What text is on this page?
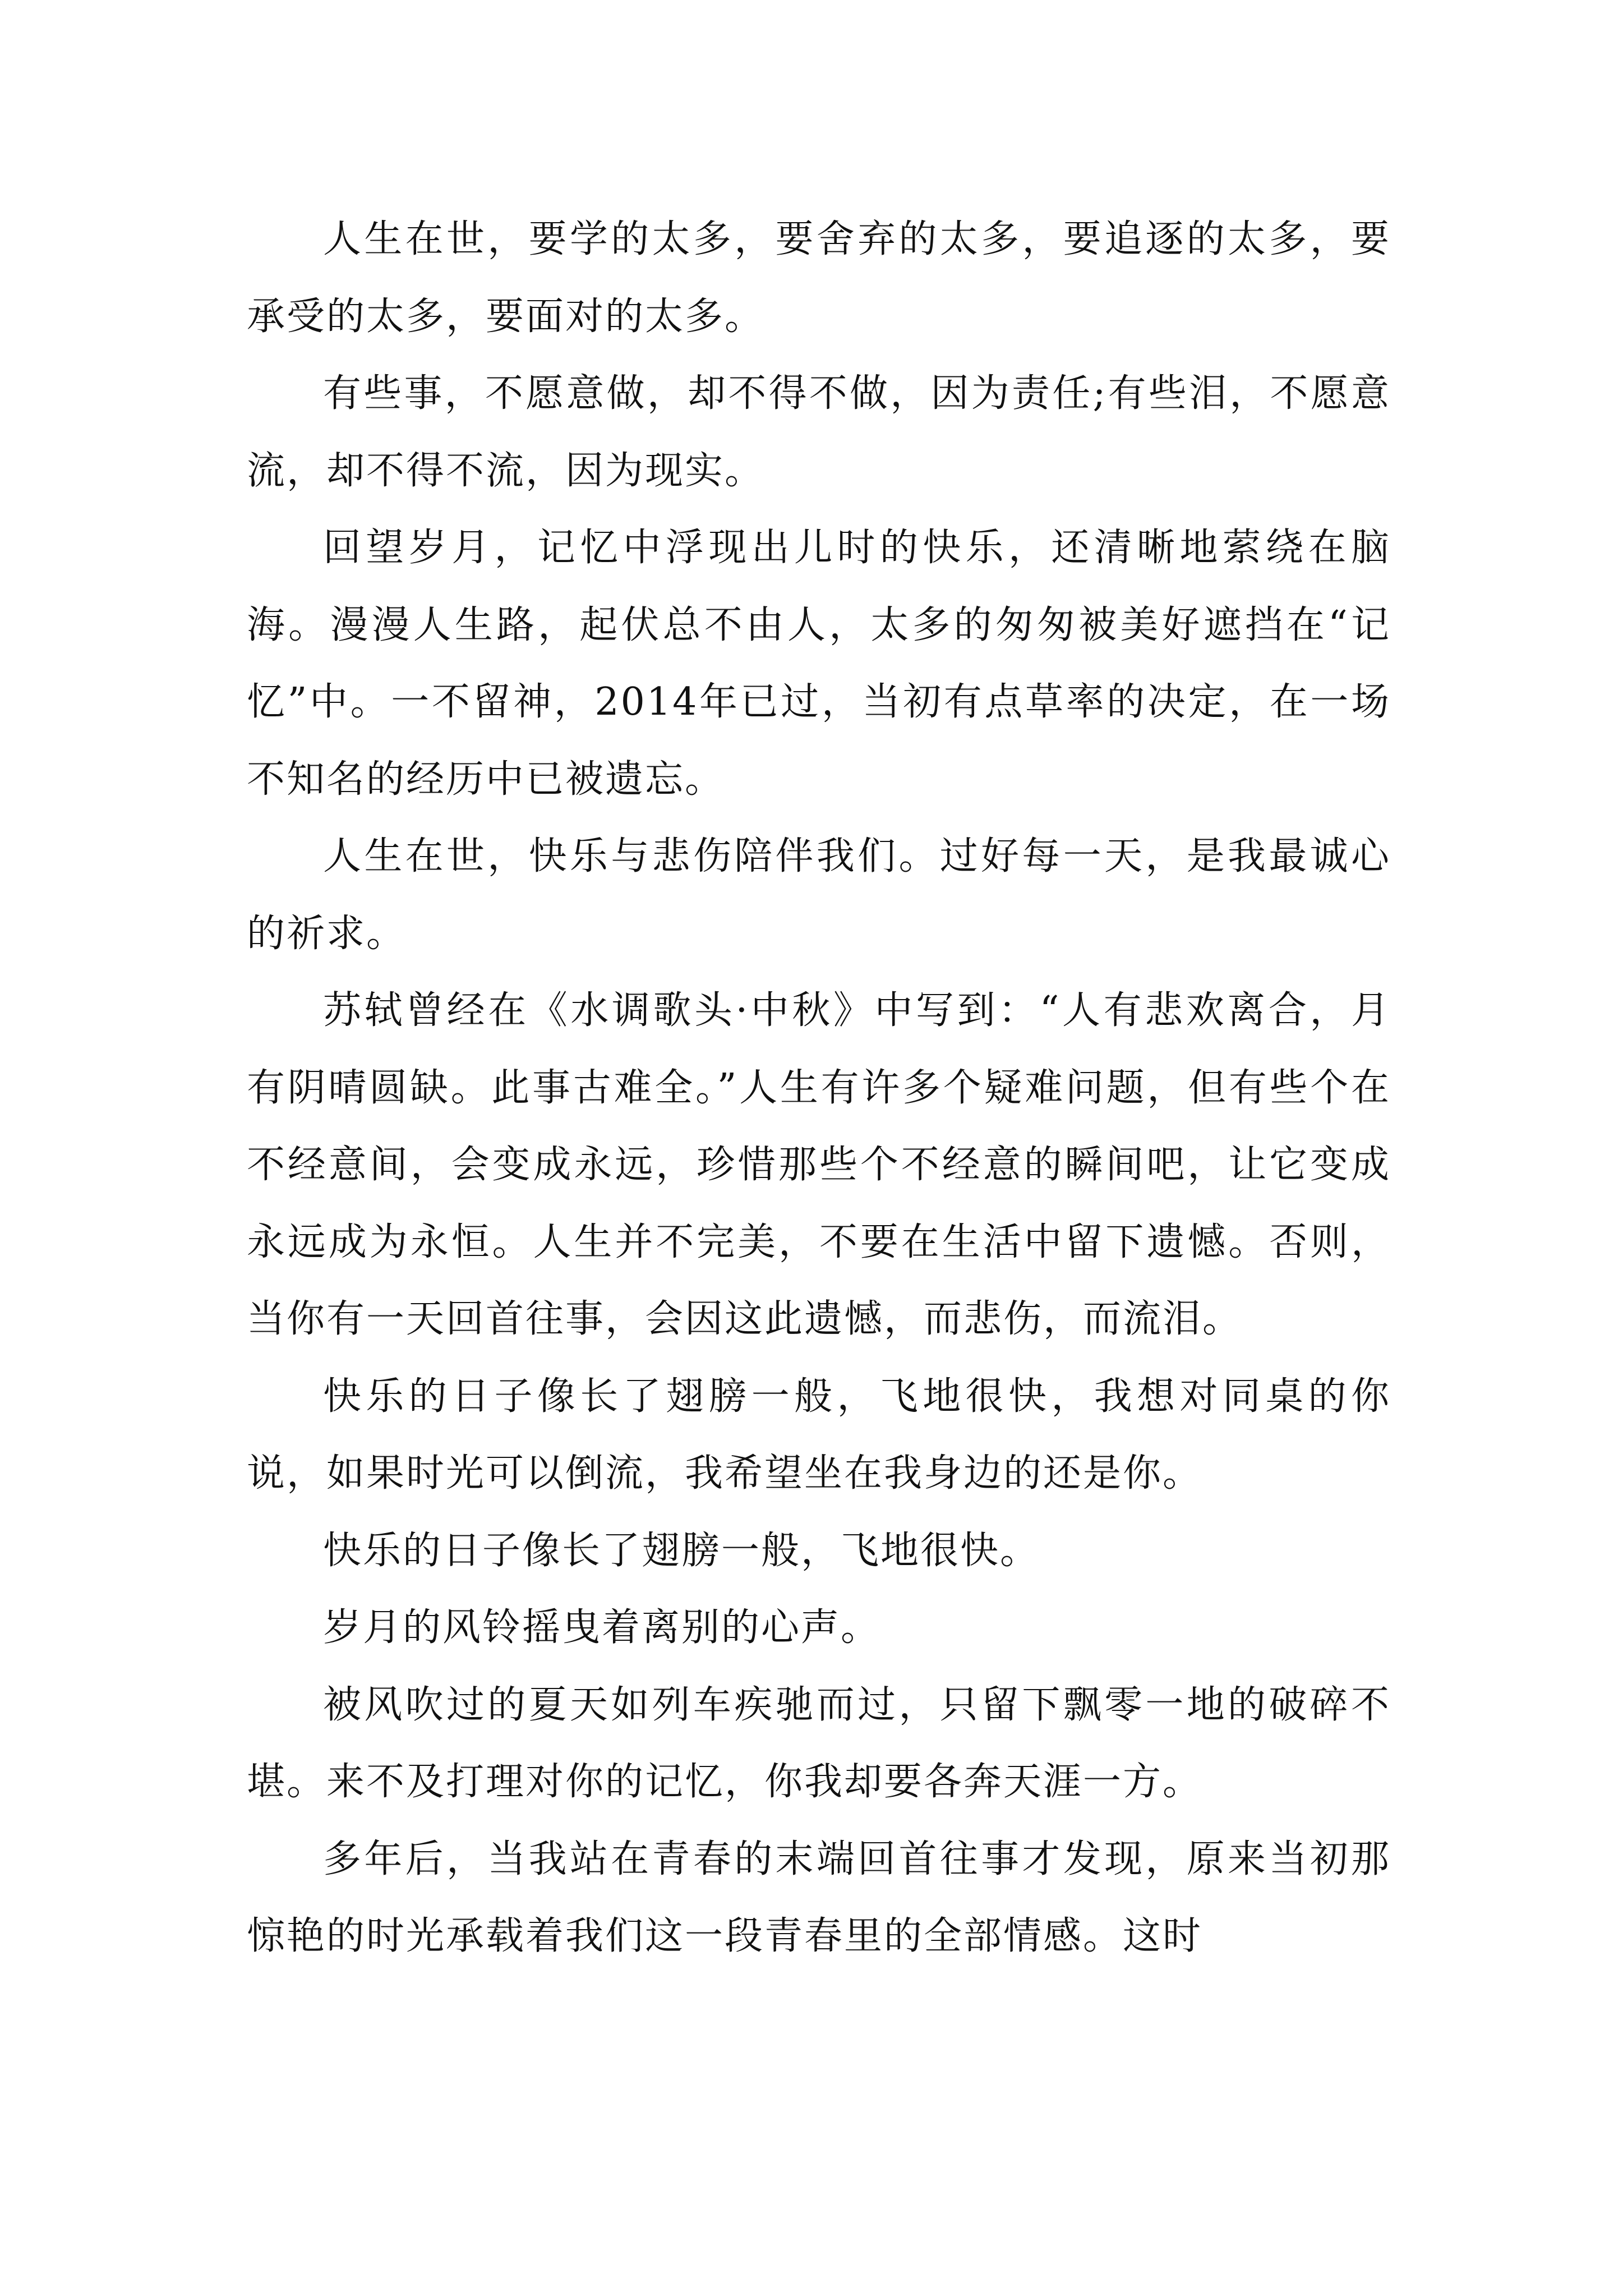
人生在世，要学的太多，要舍弃的太多，要追逐的太多，要承受的太多，要面对的太多。

有些事，不愿意做，却不得不做，因为责任;有些泪，不愿意流，却不得不流，因为现实。

回望岁月，记忆中浮现出儿时的快乐，还清晰地萦绕在脑海。漫漫人生路，起伏总不由人，太多的匆匆被美好遮挡在“记忆”中。一不留神，2014年已过，当初有点草率的决定，在一场不知名的经历中已被遗忘。

人生在世，快乐与悲伤陪伴我们。过好每一天，是我最诚心的祈求。

苏轼曾经在《水调歌头·中秋》中写到：“人有悲欢离合，月有阴晴圆缺。此事古难全。”人生有许多个疑难问题，但有些个在不经意间，会变成永远，珍惜那些个不经意的瞬间吧，让它变成永远成为永恒。人生并不完美，不要在生活中留下遗憾。否则，当你有一天回首往事，会因这此遗憾，而悲伤，而流泪。

快乐的日子像长了翅膀一般，飞地很快，我想对同桌的你说，如果时光可以倒流，我希望坐在我身边的还是你。

快乐的日子像长了翅膀一般，飞地很快。

岁月的风铃摇曳着离别的心声。

被风吹过的夏天如列车疾驰而过，只留下飘零一地的破碎不堪。来不及打理对你的记忆，你我却要各奔天涯一方。

多年后，当我站在青春的末端回首往事才发现，原来当初那惊艳的时光承载着我们这一段青春里的全部情感。这时
